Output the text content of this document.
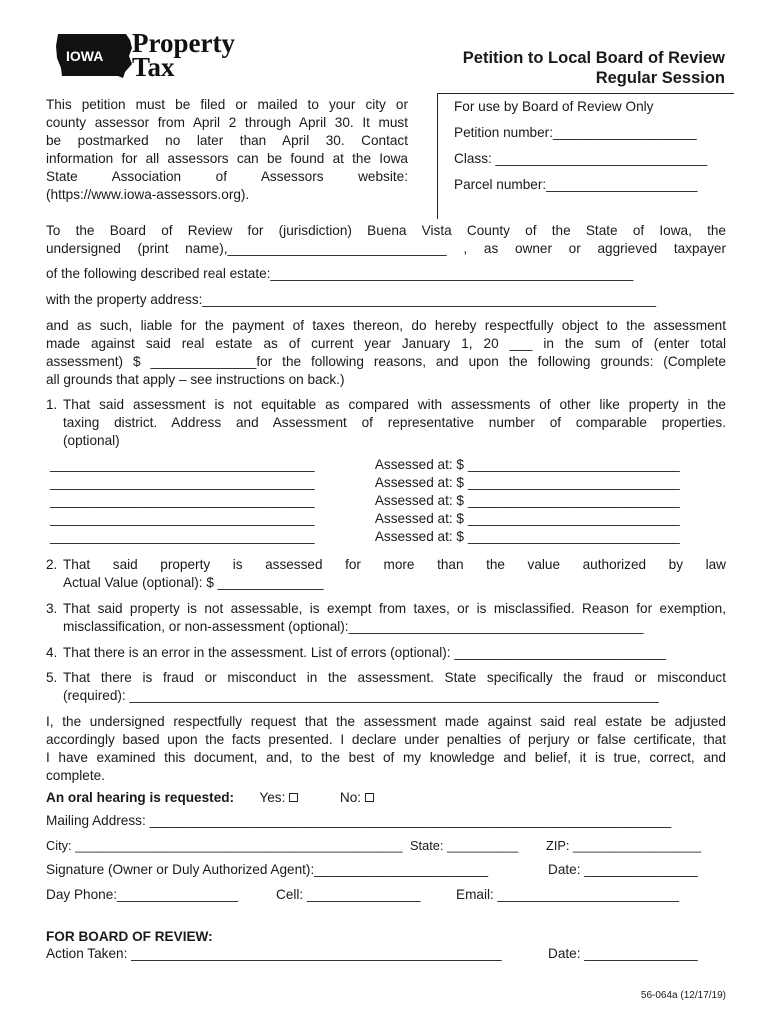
IOWA Property
Tax	Petition to Local Board of Review
Regular Session
This petition must be filed or mailed to your city or
county assessor from April 2 through April 30. It must
be postmarked no later than April 30. Contact
information for all assessors can be found at the Iowa
State Association of Assessors website:
(https://www.iowa-assessors.org).
For use by Board of Review Only
Petition number:___________________
Class: ____________________________
Parcel number:____________________
To the Board of Review for (jurisdiction) Buena Vista County of the State of Iowa, the
undersigned (print name),_____________________________ , as owner or aggrieved taxpayer
of the following described real estate:________________________________________________
with the property address:____________________________________________________________
and as such, liable for the payment of taxes thereon, do hereby respectfully object to the assessment
made against said real estate as of current year January 1, 20 ___ in the sum of (enter total
assessment) $ ______________for the following reasons, and upon the following grounds: (Complete
all grounds that apply – see instructions on back.)
1. That said assessment is not equitable as compared with assessments of other like property in the
taxing district. Address and Assessment of representative number of comparable properties.
(optional)
___________________________________	Assessed at: $ ____________________________
___________________________________	Assessed at: $ ____________________________
___________________________________	Assessed at: $ ____________________________
___________________________________	Assessed at: $ ____________________________
___________________________________	Assessed at: $ ____________________________
2. That said property is assessed for more than the value authorized by law
Actual Value (optional): $ ______________
3. That said property is not assessable, is exempt from taxes, or is misclassified. Reason for exemption,
misclassification, or non-assessment (optional):_______________________________________
4. That there is an error in the assessment. List of errors (optional): ____________________________
5. That there is fraud or misconduct in the assessment. State specifically the fraud or misconduct
(required): ______________________________________________________________________
I, the undersigned respectfully request that the assessment made against said real estate be adjusted
accordingly based upon the facts presented. I declare under penalties of perjury or false certificate, that
I have examined this document, and, to the best of my knowledge and belief, it is true, correct, and
complete.
An oral hearing is requested: Yes:	No:
Mailing Address: _____________________________________________________________________
City: ______________________________________________ State: __________ ZIP: __________________
Signature (Owner or Duly Authorized Agent):_______________________	Date: _______________
Day Phone:________________	Cell: _______________	Email: ________________________
FOR BOARD OF REVIEW:
Action Taken: _________________________________________________	Date: _______________
56-064a (12/17/19)
